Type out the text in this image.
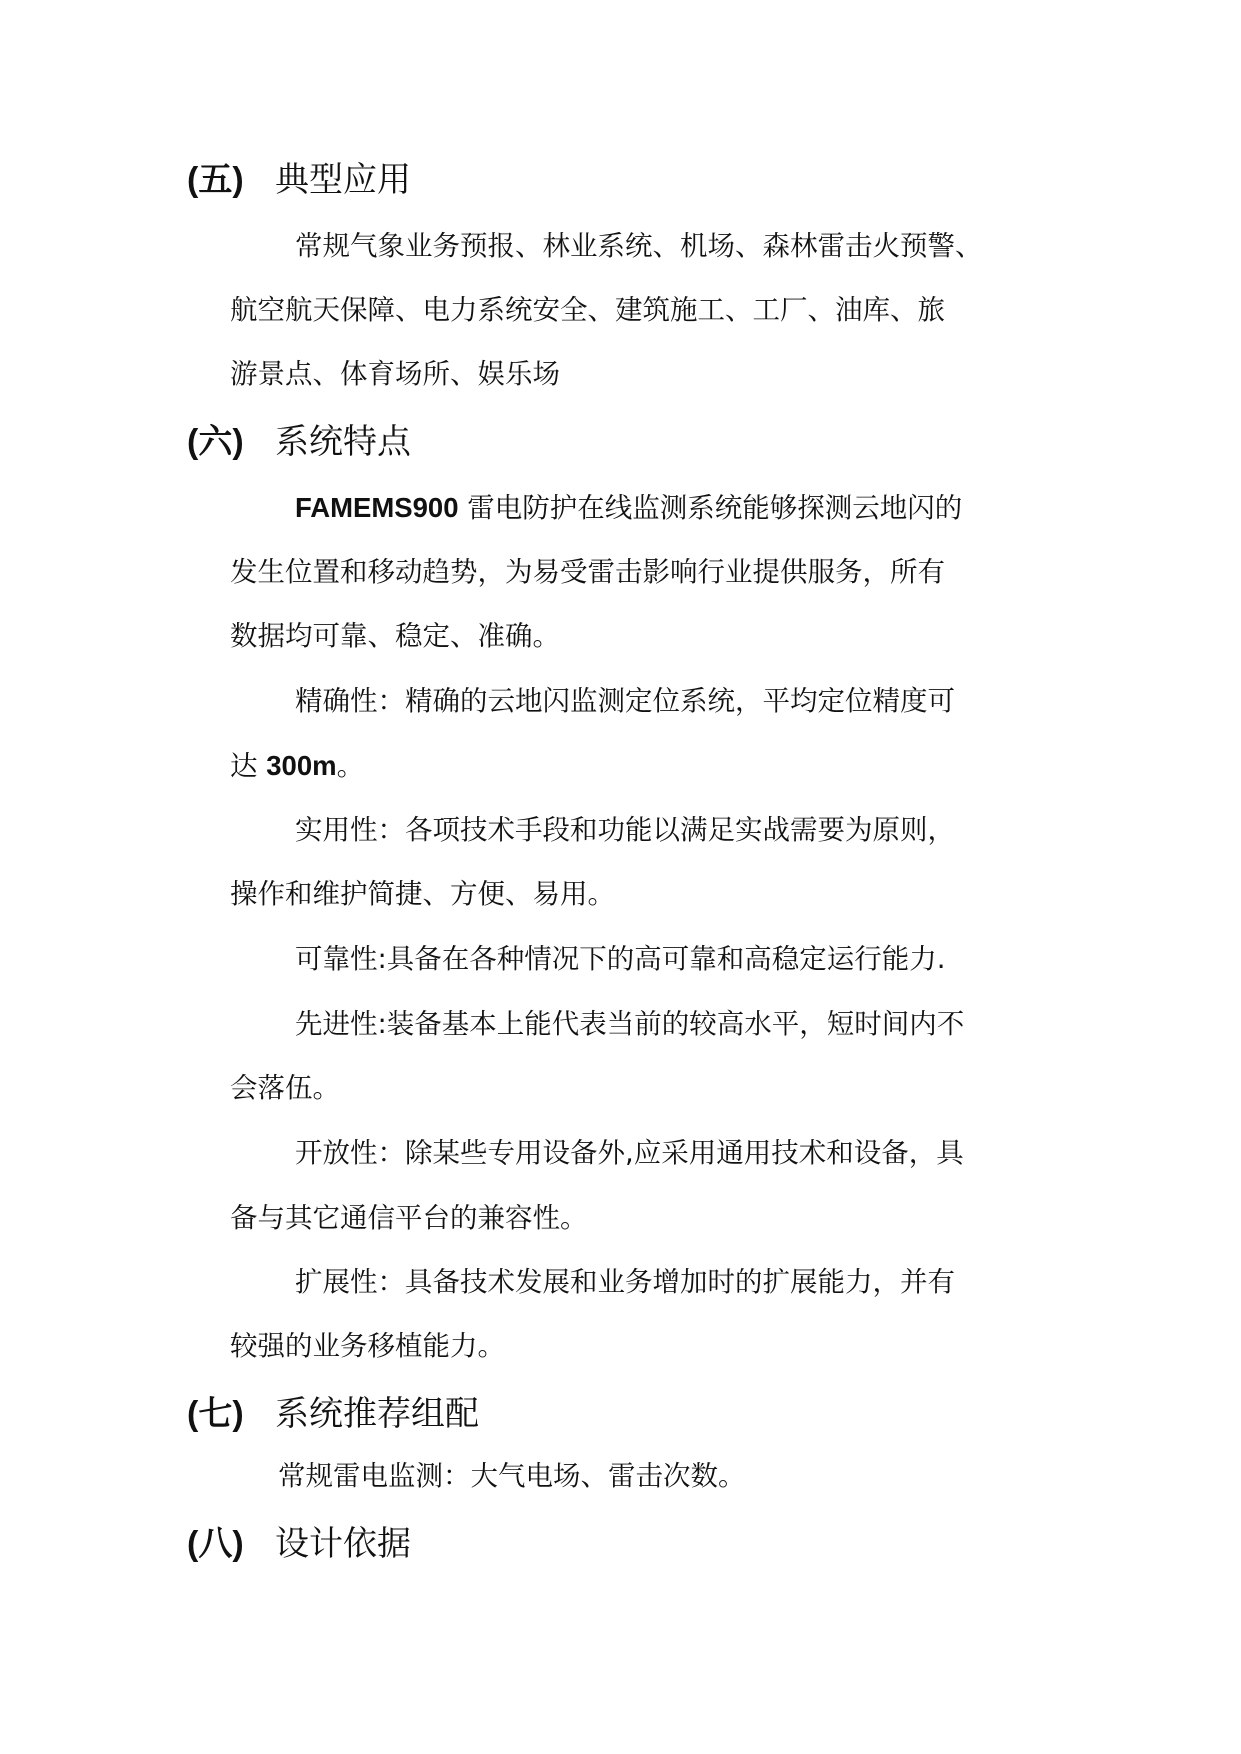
(五) 典型应用
常规气象业务预报、林业系统、机场、森林雷击火预警、
航空航天保障、电力系统安全、建筑施工、工厂、油库、旅
游景点、体育场所、娱乐场
(六) 系统特点
FAMEMS900 雷电防护在线监测系统能够探测云地闪的
发生位置和移动趋势，为易受雷击影响行业提供服务，所有
数据均可靠、稳定、准确。
精确性：精确的云地闪监测定位系统，平均定位精度可
达 300m。
实用性：各项技术手段和功能以满足实战需要为原则，
操作和维护简捷、方便、易用。
可靠性:具备在各种情况下的高可靠和高稳定运行能力.
先进性:装备基本上能代表当前的较高水平，短时间内不
会落伍。
开放性：除某些专用设备外,应采用通用技术和设备，具
备与其它通信平台的兼容性。
扩展性：具备技术发展和业务增加时的扩展能力，并有
较强的业务移植能力。
(七) 系统推荐组配
常规雷电监测：大气电场、雷击次数。
(八) 设计依据
